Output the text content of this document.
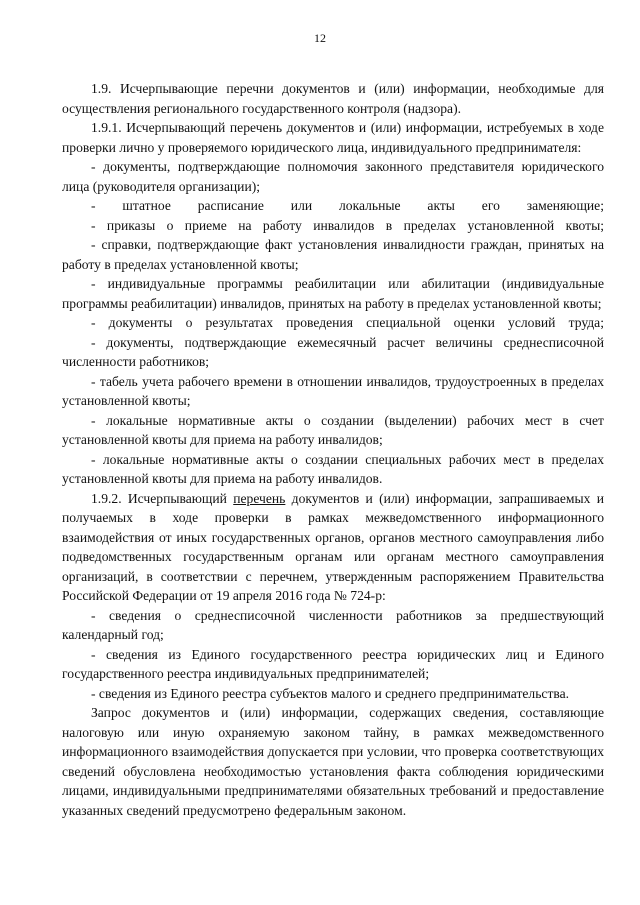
12

1.9. Исчерпывающие перечни документов и (или) информации, необходимые для осуществления регионального государственного контроля (надзора).

1.9.1. Исчерпывающий перечень документов и (или) информации, истребуемых в ходе проверки лично у проверяемого юридического лица, индивидуального предпринимателя:

- документы, подтверждающие полномочия законного представителя юридического лица (руководителя организации);

- штатное расписание или локальные акты его заменяющие;

- приказы о приеме на работу инвалидов в пределах установленной квоты;

- справки, подтверждающие факт установления инвалидности граждан, принятых на работу в пределах установленной квоты;

- индивидуальные программы реабилитации или абилитации (индивидуальные программы реабилитации) инвалидов, принятых на работу в пределах установленной квоты;

- документы о результатах проведения специальной оценки условий труда;

- документы, подтверждающие ежемесячный расчет величины среднесписочной численности работников;

- табель учета рабочего времени в отношении инвалидов, трудоустроенных в пределах установленной квоты;

- локальные нормативные акты о создании (выделении) рабочих мест в счет установленной квоты для приема на работу инвалидов;

- локальные нормативные акты о создании специальных рабочих мест в пределах установленной квоты для приема на работу инвалидов.

1.9.2. Исчерпывающий перечень документов и (или) информации, запрашиваемых и получаемых в ходе проверки в рамках межведомственного информационного взаимодействия от иных государственных органов, органов местного самоуправления либо подведомственных государственным органам или органам местного самоуправления организаций, в соответствии с перечнем, утвержденным распоряжением Правительства Российской Федерации от 19 апреля 2016 года № 724-р:

- сведения о среднесписочной численности работников за предшествующий календарный год;

- сведения из Единого государственного реестра юридических лиц и Единого государственного реестра индивидуальных предпринимателей;

- сведения из Единого реестра субъектов малого и среднего предпринимательства.

Запрос документов и (или) информации, содержащих сведения, составляющие налоговую или иную охраняемую законом тайну, в рамках межведомственного информационного взаимодействия допускается при условии, что проверка соответствующих сведений обусловлена необходимостью установления факта соблюдения юридическими лицами, индивидуальными предпринимателями обязательных требований и предоставление указанных сведений предусмотрено федеральным законом.
